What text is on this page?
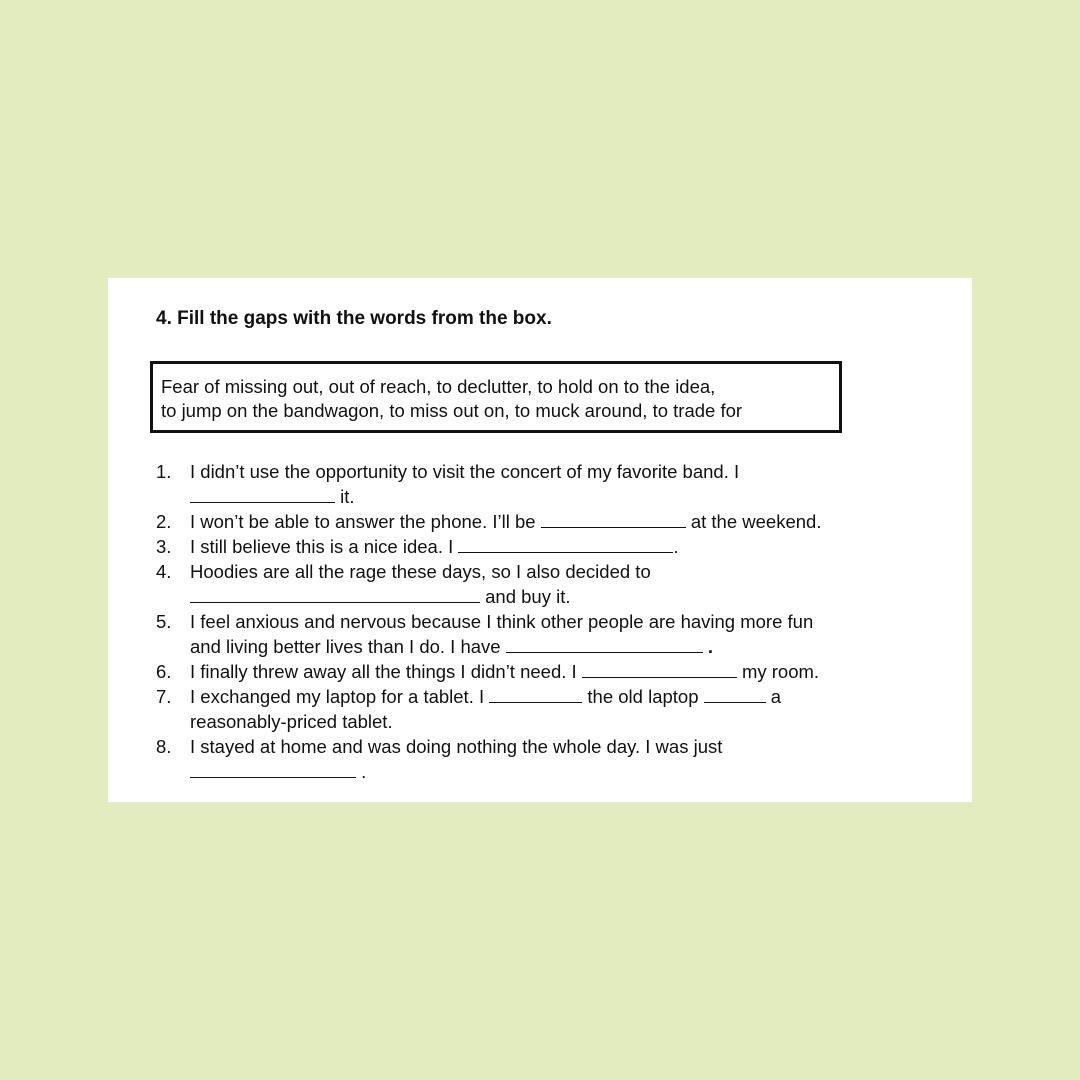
4. Fill the gaps with the words from the box.
Fear of missing out, out of reach, to declutter, to hold on to the idea,
to jump on the bandwagon, to miss out on, to muck around, to trade for
1. I didn’t use the opportunity to visit the concert of my favorite band. I
it.
2. I won’t be able to answer the phone. I’ll be	at the weekend.
3. I still believe this is a nice idea. I	.
4. Hoodies are all the rage these days, so I also decided to
and buy it.
5. I feel anxious and nervous because I think other people are having more fun
and living better lives than I do. I have	.
6. I finally threw away all the things I didn’t need. I	my room.
7. I exchanged my laptop for a tablet. I	the old laptop	a
reasonably-priced tablet.
8. I stayed at home and was doing nothing the whole day. I was just
.
